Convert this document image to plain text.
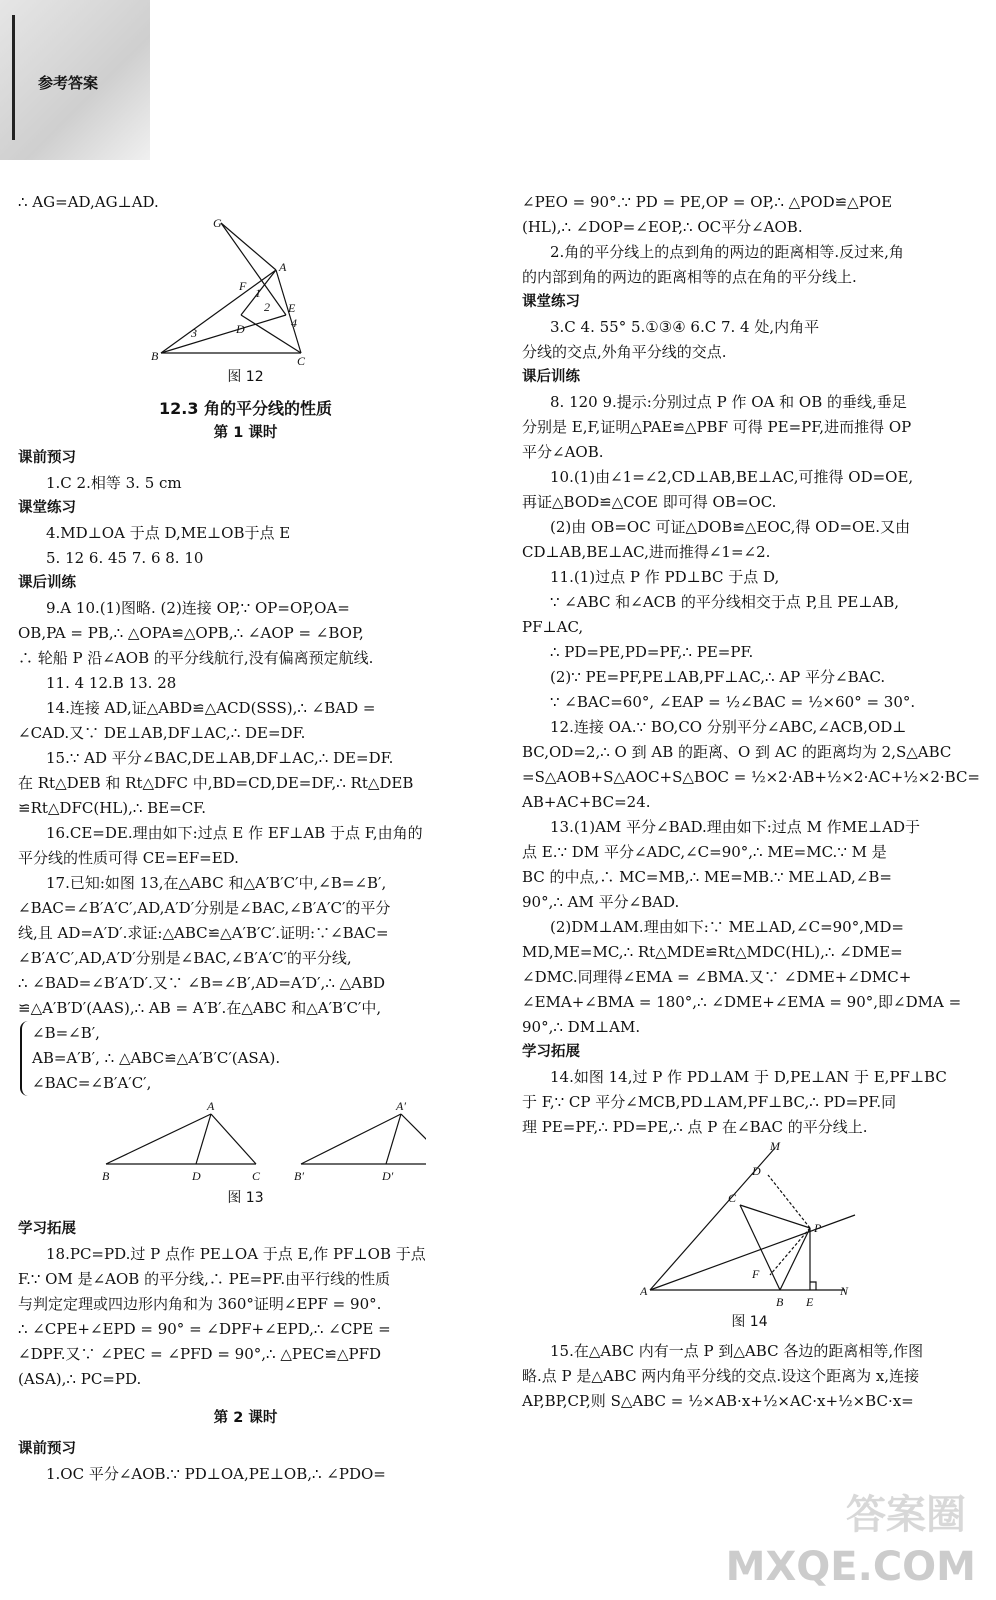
参考答案
∴ AG=AD,AG⊥AD.
G
A
F
E
D
B	C
1
2
3
4
图 12
12.3 角的平分线的性质
第 1 课时
课前预习
1.C 2.相等 3. 5 cm
课堂练习
4.MD⊥OA 于点 D,ME⊥OB于点 E
5. 12 6. 45 7. 6 8. 10
课后训练
9.A 10.(1)图略. (2)连接 OP,∵ OP=OP,OA=
OB,PA = PB,∴ △OPA≌△OPB,∴ ∠AOP = ∠BOP,
∴ 轮船 P 沿∠AOB 的平分线航行,没有偏离预定航线.
11. 4 12.B 13. 28
14.连接 AD,证△ABD≌△ACD(SSS),∴ ∠BAD =
∠CAD.又∵ DE⊥AB,DF⊥AC,∴ DE=DF.
15.∵ AD 平分∠BAC,DE⊥AB,DF⊥AC,∴ DE=DF.
在 Rt△DEB 和 Rt△DFC 中,BD=CD,DE=DF,∴ Rt△DEB
≌Rt△DFC(HL),∴ BE=CF.
16.CE=DE.理由如下:过点 E 作 EF⊥AB 于点 F,由角的
平分线的性质可得 CE=EF=ED.
17.已知:如图 13,在△ABC 和△A′B′C′中,∠B=∠B′,
∠BAC=∠B′A′C′,AD,A′D′分别是∠BAC,∠B′A′C′的平分
线,且 AD=A′D′.求证:△ABC≌△A′B′C′.证明:∵∠BAC=
∠B′A′C′,AD,A′D′分别是∠BAC,∠B′A′C′的平分线,
∴ ∠BAD=∠B′A′D′.又∵ ∠B=∠B′,AD=A′D′,∴ △ABD
≌△A′B′D′(AAS),∴ AB = A′B′.在△ABC 和△A′B′C′中,
∠B=∠B′,
AB=A′B′, ∴ △ABC≌△A′B′C′(ASA).
∠BAC=∠B′A′C′,
A
B	D	C
A′
B′	D′
图 13
学习拓展
18.PC=PD.过 P 点作 PE⊥OA 于点 E,作 PF⊥OB 于点
F.∵ OM 是∠AOB 的平分线,∴ PE=PF.由平行线的性质
与判定定理或四边形内角和为 360°证明∠EPF = 90°.
∴ ∠CPE+∠EPD = 90° = ∠DPF+∠EPD,∴ ∠CPE =
∠DPF.又∵ ∠PEC = ∠PFD = 90°,∴ △PEC≌△PFD
(ASA),∴ PC=PD.
第 2 课时
课前预习
1.OC 平分∠AOB.∵ PD⊥OA,PE⊥OB,∴ ∠PDO=
∠PEO = 90°.∵ PD = PE,OP = OP,∴ △POD≌△POE
(HL),∴ ∠DOP=∠EOP,∴ OC平分∠AOB.
2.角的平分线上的点到角的两边的距离相等.反过来,角
的内部到角的两边的距离相等的点在角的平分线上.
课堂练习
3.C 4. 55° 5.①③④ 6.C 7. 4 处,内角平
分线的交点,外角平分线的交点.
课后训练
8. 120 9.提示:分别过点 P 作 OA 和 OB 的垂线,垂足
分别是 E,F,证明△PAE≌△PBF 可得 PE=PF,进而推得 OP
平分∠AOB.
10.(1)由∠1=∠2,CD⊥AB,BE⊥AC,可推得 OD=OE,
再证△BOD≌△COE 即可得 OB=OC.
(2)由 OB=OC 可证△DOB≌△EOC,得 OD=OE.又由
CD⊥AB,BE⊥AC,进而推得∠1=∠2.
11.(1)过点 P 作 PD⊥BC 于点 D,
∵ ∠ABC 和∠ACB 的平分线相交于点 P,且 PE⊥AB,
PF⊥AC,
∴ PD=PE,PD=PF,∴ PE=PF.
(2)∵ PE=PF,PE⊥AB,PF⊥AC,∴ AP 平分∠BAC.
∵ ∠BAC=60°, ∠EAP = ½∠BAC = ½×60° = 30°.
12.连接 OA.∵ BO,CO 分别平分∠ABC,∠ACB,OD⊥
BC,OD=2,∴ O 到 AB 的距离、O 到 AC 的距离均为 2,S△ABC
=S△AOB+S△AOC+S△BOC = ½×2·AB+½×2·AC+½×2·BC=
AB+AC+BC=24.
13.(1)AM 平分∠BAD.理由如下:过点 M 作ME⊥AD于
点 E.∵ DM 平分∠ADC,∠C=90°,∴ ME=MC.∵ M 是
BC 的中点,∴ MC=MB,∴ ME=MB.∵ ME⊥AD,∠B=
90°,∴ AM 平分∠BAD.
(2)DM⊥AM.理由如下:∵ ME⊥AD,∠C=90°,MD=
MD,ME=MC,∴ Rt△MDE≌Rt△MDC(HL),∴ ∠DME=
∠DMC.同理得∠EMA = ∠BMA.又∵ ∠DME+∠DMC+
∠EMA+∠BMA = 180°,∴ ∠DME+∠EMA = 90°,即∠DMA =
90°,∴ DM⊥AM.
学习拓展
14.如图 14,过 P 作 PD⊥AM 于 D,PE⊥AN 于 E,PF⊥BC
于 F,∵ CP 平分∠MCB,PD⊥AM,PF⊥BC,∴ PD=PF.同
理 PE=PF,∴ PD=PE,∴ 点 P 在∠BAC 的平分线上.
M
D
C
P
F
A
B E
N
图 14
15.在△ABC 内有一点 P 到△ABC 各边的距离相等,作图
略.点 P 是△ABC 两内角平分线的交点.设这个距离为 x,连接
AP,BP,CP,则 S△ABC = ½×AB·x+½×AC·x+½×BC·x=
答案圈
MXQE.COM
